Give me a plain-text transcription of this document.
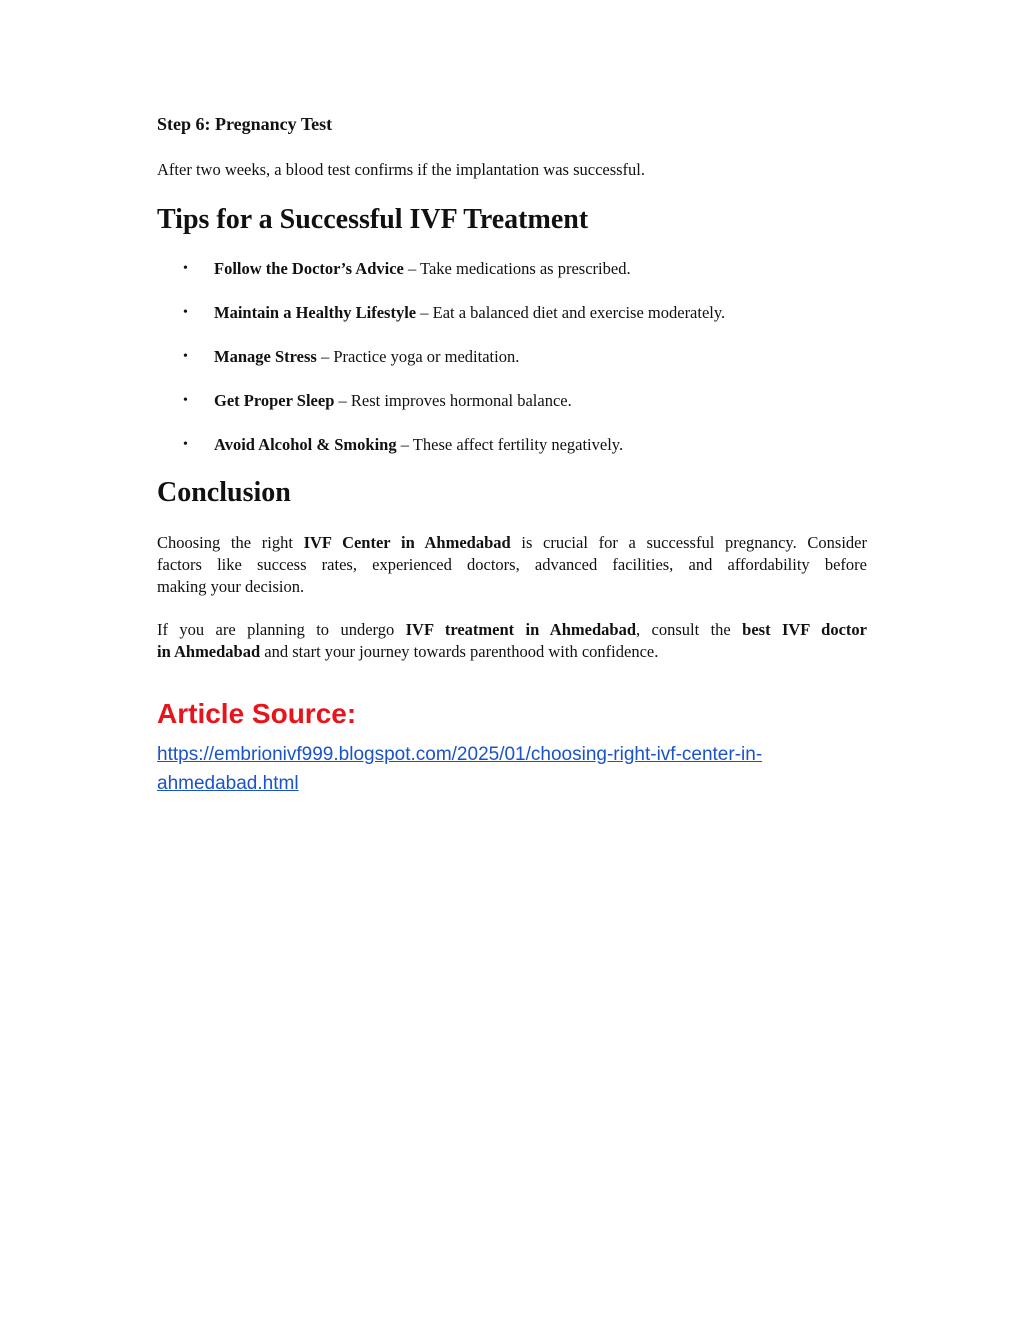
Step 6: Pregnancy Test

After two weeks, a blood test confirms if the implantation was successful.

Tips for a Successful IVF Treatment
• Follow the Doctor’s Advice – Take medications as prescribed.
• Maintain a Healthy Lifestyle – Eat a balanced diet and exercise moderately.
• Manage Stress – Practice yoga or meditation.
• Get Proper Sleep – Rest improves hormonal balance.
• Avoid Alcohol & Smoking – These affect fertility negatively.
Conclusion

Choosing the right IVF Center in Ahmedabad is crucial for a successful pregnancy. Consider
factors like success rates, experienced doctors, advanced facilities, and affordability before
making your decision.

If you are planning to undergo IVF treatment in Ahmedabad, consult the best IVF doctor
in Ahmedabad and start your journey towards parenthood with confidence.

Article Source:
https://embrionivf999.blogspot.com/2025/01/choosing-right-ivf-center-in-
ahmedabad.html
